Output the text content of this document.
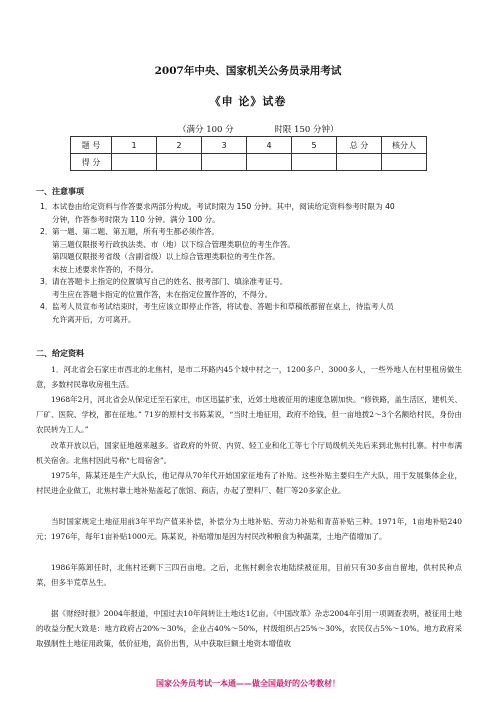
2007年中央、国家机关公务员录用考试
《申 论》试卷
（满分 100 分	时限 150 分钟）
题 号	1	2	3	4	5	总 分	核分人
得 分							
一、注意事项
1．本试卷由给定资料与作答要求两部分构成。考试时限为 150 分钟。其中，阅读给定资料参考时限为 40
分钟，作答参考时限为 110 分钟。满分 100 分。
2．第一题、第二题、第五题，所有考生都必须作答。
第三题仅限报考行政执法类、市（地）以下综合管理类职位的考生作答。
第四题仅限报考省级（含副省级）以上综合管理类职位的考生作答。
未按上述要求作答的，不得分。
3．请在答题卡上指定的位置填写自己的姓名、报考部门、填涂准考证号。
考生应在答题卡指定的位置作答，未在指定位置作答的，不得分。
4．监考人员宣布考试结束时，考生应该立即停止作答，将试卷、答题卡和草稿纸都留在桌上，待监考人员
允许离开后，方可离开。
二、给定资料
1．河北省会石家庄市西北的北焦村，是市二环路内45个城中村之一，1200多户、3000多人，一些外地人在村里租房做生意，多数村民靠收房租生活。
1968年2月，河北省会从保定迁至石家庄，市区迅猛扩张，近郊土地被征用的速度急剧加快。“修铁路，盖生活区，建机关、厂矿、医院、学校，都在征地。” 71岁的原村支书陈某说，“当时土地征用，政府不给钱，但一亩地拨2～3个名额给村民，身份由农民转为工人。”
改革开放以后，国家征地越来越多。省政府的外贸、内贸、轻工业和化工等七个厅局级机关先后来到北焦村扎寨。村中布满机关宿舍。北焦村因此号称“七局宿舍”。
1975年，陈某还是生产大队长，他记得从70年代开始国家征地有了补贴。这些补贴主要归生产大队，用于发展集体企业，村民进企业做工，北焦村靠土地补贴盖起了旅馆、商店，办起了塑料厂、鞋厂等20多家企业。
当时国家规定土地征用前3年平均产值来补偿，补偿分为土地补贴、劳动力补贴和青苗补贴三种。1971年，1亩地补贴240元；1976年，每年1亩补贴1000元。陈某说，补贴增加是因为村民改种粮食为种蔬菜，土地产值增加了。
1986年陈卸任时，北焦村还剩下三四百亩地。之后，北焦村剩余农地陆续被征用，目前只有30多亩自留地，供村民种点菜，但多半荒草丛生。
据《财经时报》2004年报道，中国过去10年间转让土地达1亿亩。《中国改革》杂志2004年引用一项调查表明，被征用土地的收益分配大致是：地方政府占20%～30%，企业占40%～50%，村级组织占25%～30%，农民仅占5%～10%。地方政府采取强制性土地征用政策，低价征地，高价出售，从中获取巨额土地资本增值收
国家公务员考试一本通——做全国最好的公考教材！
